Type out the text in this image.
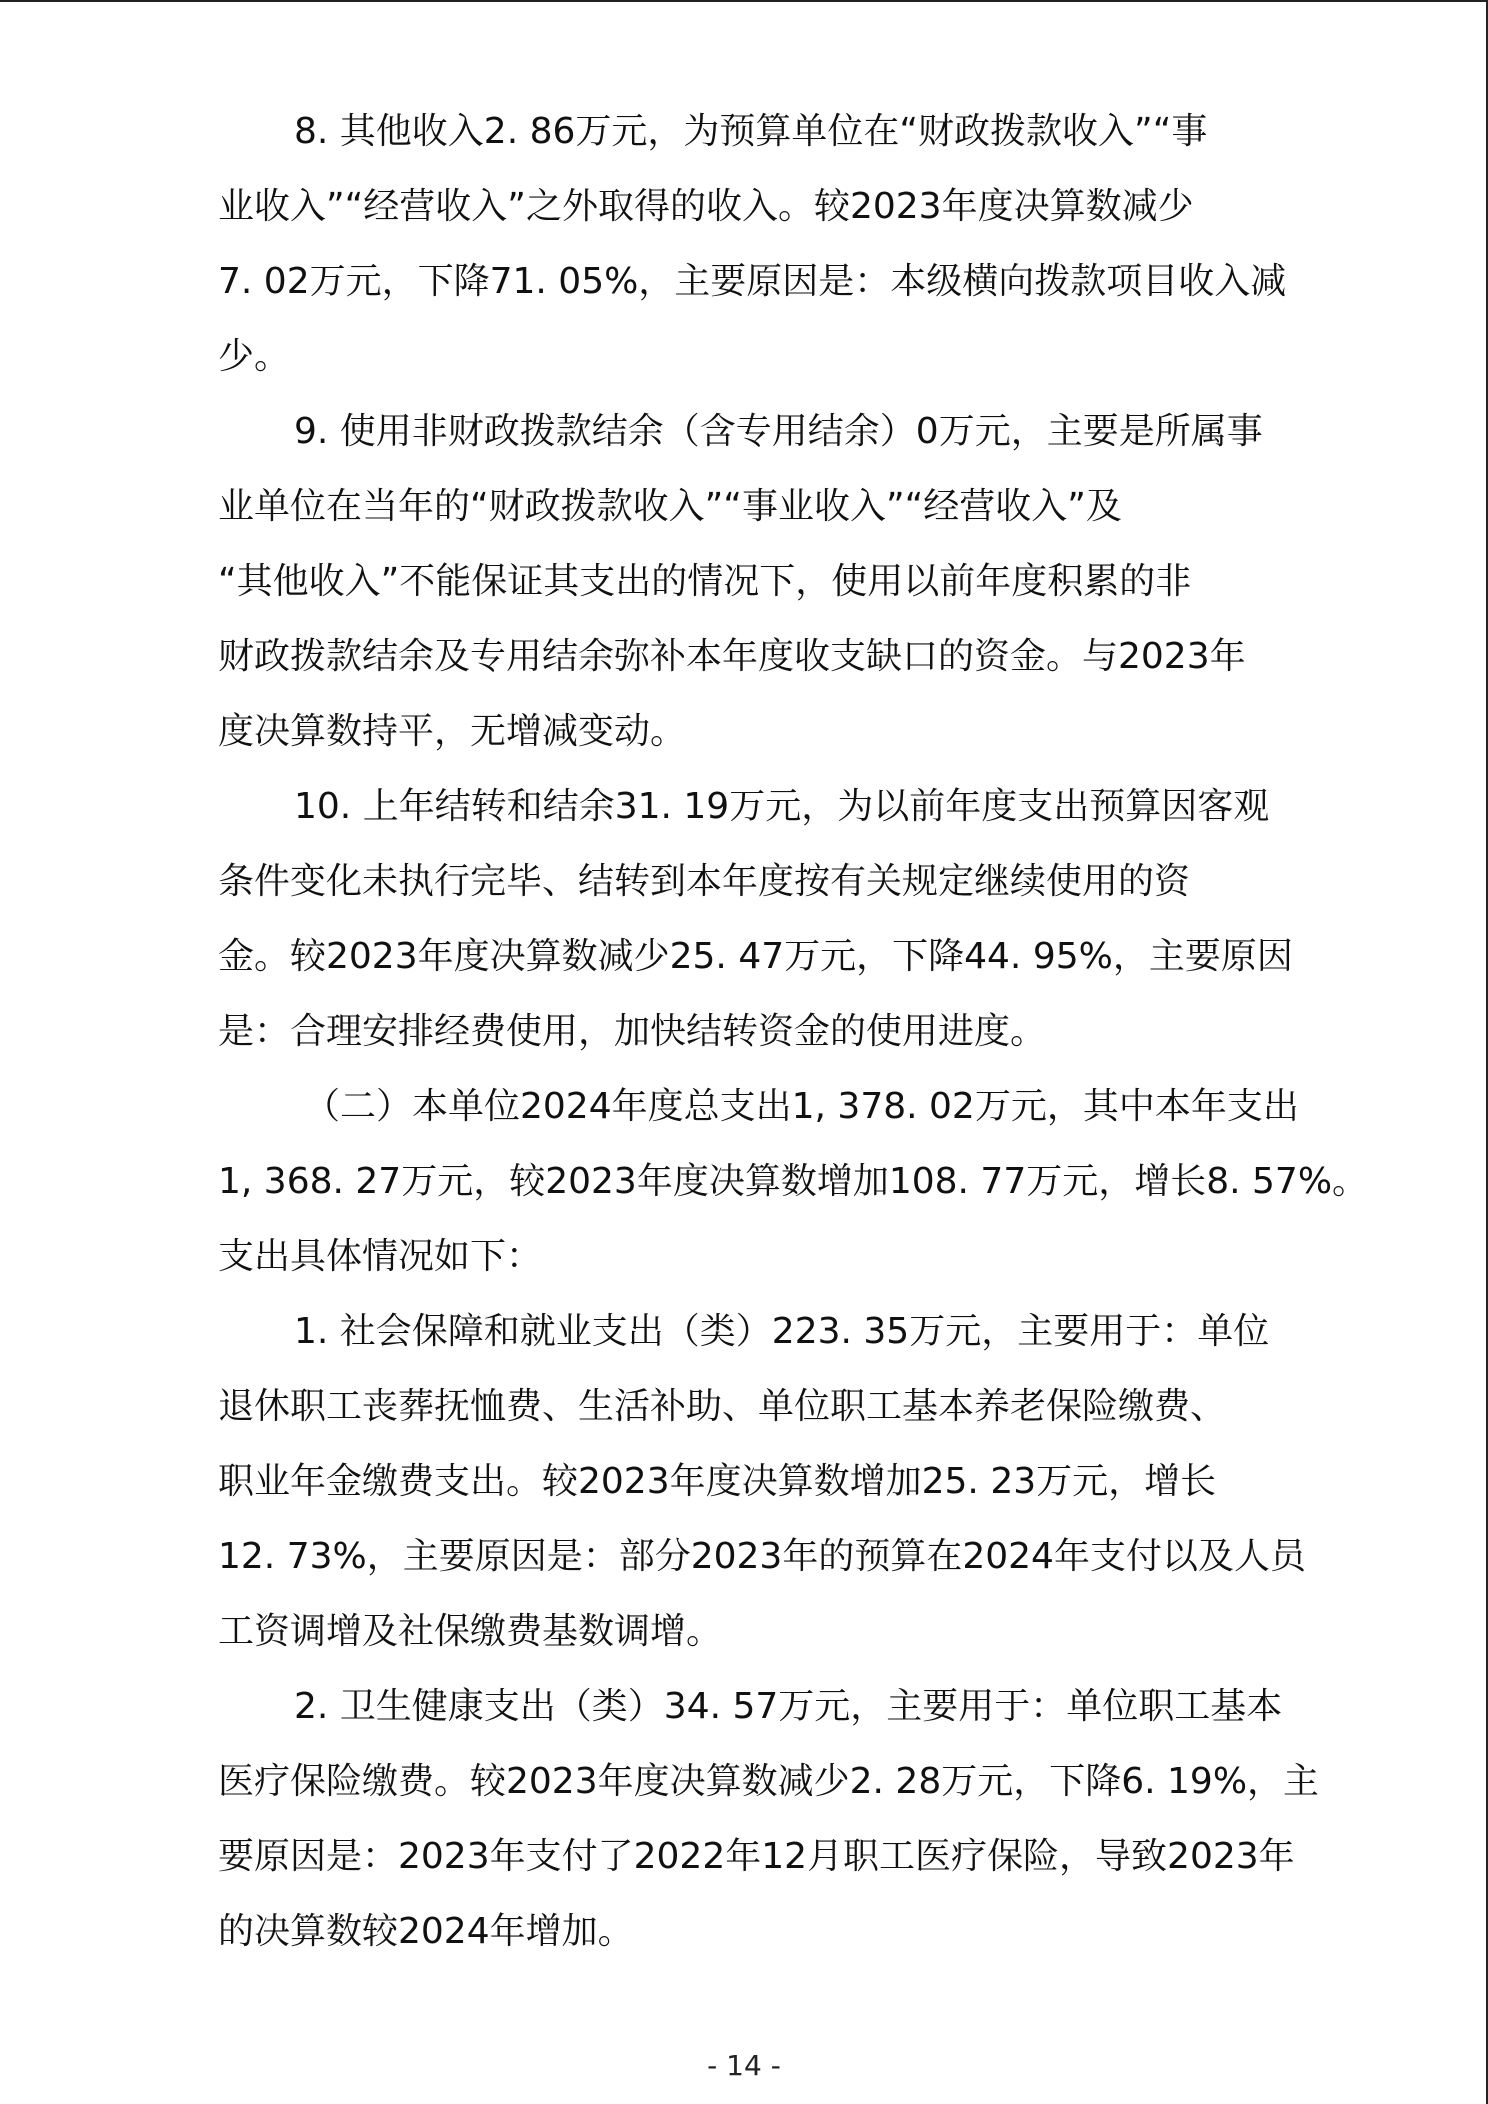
8. 其他收入2. 86万元，为预算单位在“财政拨款收入”“事
业收入”“经营收入”之外取得的收入。较2023年度决算数减少
7. 02万元，下降71. 05%，主要原因是：本级横向拨款项目收入减
少。
9. 使用非财政拨款结余（含专用结余）0万元，主要是所属事
业单位在当年的“财政拨款收入”“事业收入”“经营收入”及
“其他收入”不能保证其支出的情况下，使用以前年度积累的非
财政拨款结余及专用结余弥补本年度收支缺口的资金。与2023年
度决算数持平，无增减变动。
10. 上年结转和结余31. 19万元，为以前年度支出预算因客观
条件变化未执行完毕、结转到本年度按有关规定继续使用的资
金。较2023年度决算数减少25. 47万元，下降44. 95%，主要原因
是：合理安排经费使用，加快结转资金的使用进度。
（二）本单位2024年度总支出1, 378. 02万元，其中本年支出
1, 368. 27万元，较2023年度决算数增加108. 77万元，增长8. 57%。
支出具体情况如下：
1. 社会保障和就业支出（类）223. 35万元，主要用于：单位
退休职工丧葬抚恤费、生活补助、单位职工基本养老保险缴费、
职业年金缴费支出。较2023年度决算数增加25. 23万元，增长
12. 73%，主要原因是：部分2023年的预算在2024年支付以及人员
工资调增及社保缴费基数调增。
2. 卫生健康支出（类）34. 57万元，主要用于：单位职工基本
医疗保险缴费。较2023年度决算数减少2. 28万元，下降6. 19%，主
要原因是：2023年支付了2022年12月职工医疗保险，导致2023年
的决算数较2024年增加。
- 14 -
